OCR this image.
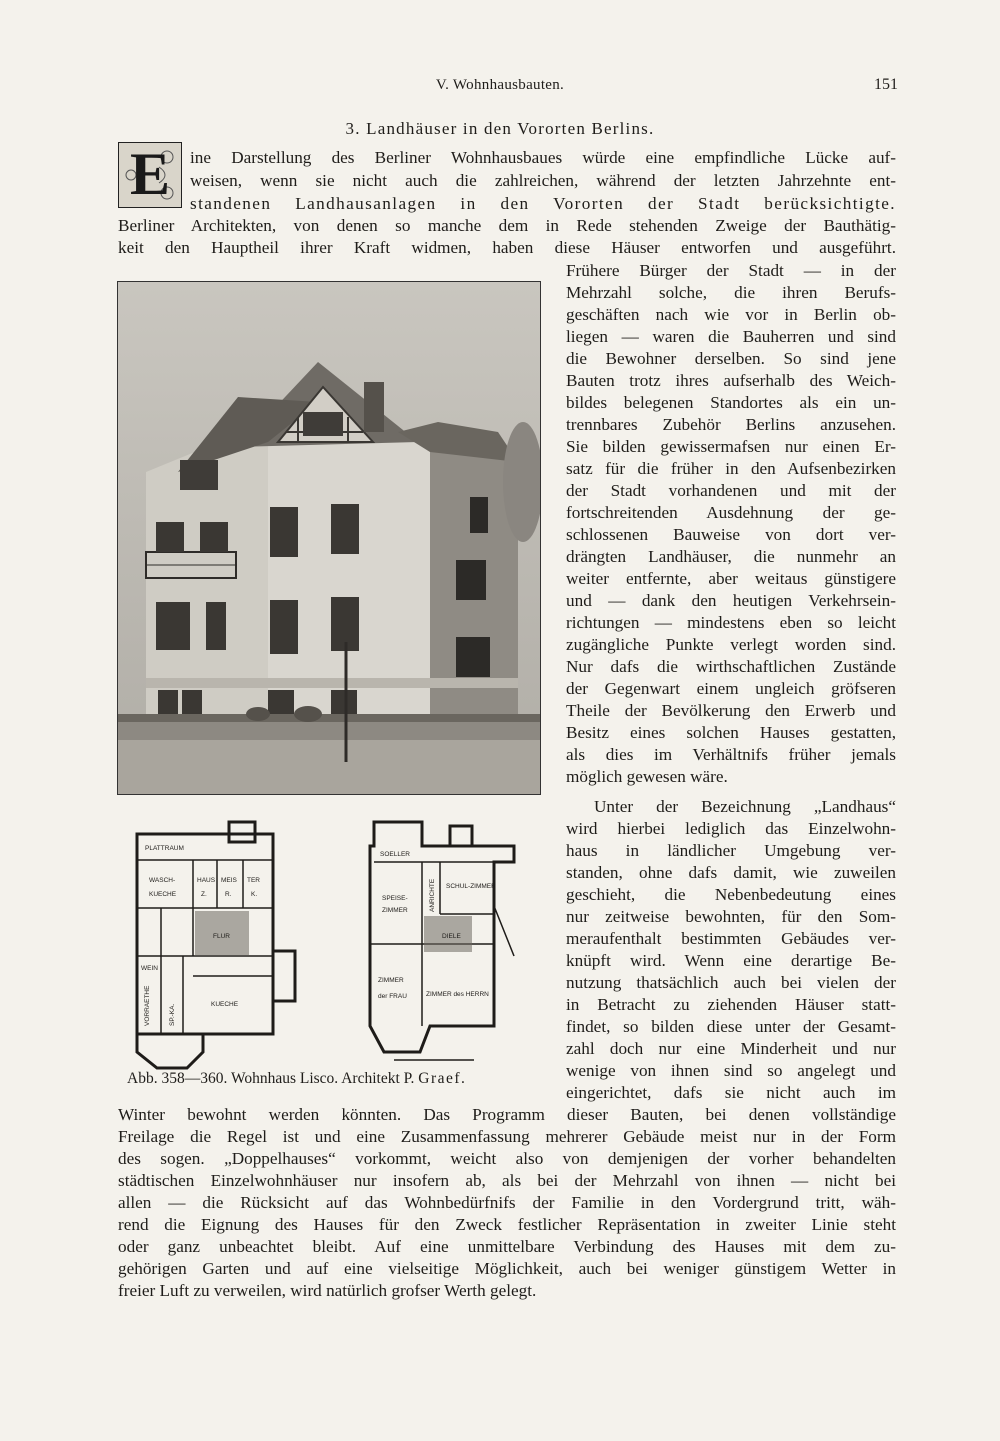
V. Wohnhausbauten.	151
3. Landhäuser in den Vororten Berlins.
E	ine Darstellung des Berliner Wohnhausbaues würde eine empfindliche Lücke auf-
weisen, wenn sie nicht auch die zahlreichen, während der letzten Jahrzehnte ent-
standenen Landhausanlagen in den Vororten der Stadt berücksichtigte.
Berliner Architekten, von denen so manche dem in Rede stehenden Zweige der Bauthätig-
keit den Hauptheil ihrer Kraft widmen, haben diese Häuser entworfen und ausgeführt.
Frühere Bürger der Stadt — in der
Mehrzahl solche, die ihren Berufs-
geschäften nach wie vor in Berlin ob-
liegen — waren die Bauherren und sind
die Bewohner derselben. So sind jene
Bauten trotz ihres aufserhalb des Weich-
bildes belegenen Standortes als ein un-
trennbares Zubehör Berlins anzusehen.
Sie bilden gewissermafsen nur einen Er-
satz für die früher in den Aufsenbezirken
der Stadt vorhandenen und mit der
fortschreitenden Ausdehnung der ge-
schlossenen Bauweise von dort ver-
drängten Landhäuser, die nunmehr an
weiter entfernte, aber weitaus günstigere
und — dank den heutigen Verkehrsein-
richtungen — mindestens eben so leicht
zugängliche Punkte verlegt worden sind.
Nur dafs die wirthschaftlichen Zustände
der Gegenwart einem ungleich gröfseren
Theile der Bevölkerung den Erwerb und
Besitz eines solchen Hauses gestatten,
als dies im Verhältnifs früher jemals
möglich gewesen wäre.
Unter der Bezeichnung „Landhaus“
wird hierbei lediglich das Einzelwohn-
haus in ländlicher Umgebung ver-
standen, ohne dafs damit, wie zuweilen
geschieht, die Nebenbedeutung eines
nur zeitweise bewohnten, für den Som-
meraufenthalt bestimmten Gebäudes ver-
knüpft wird. Wenn eine derartige Be-
nutzung thatsächlich auch bei vielen der
in Betracht zu ziehenden Häuser statt-
findet, so bilden diese unter der Gesamt-
zahl doch nur eine Minderheit und nur
wenige von ihnen sind so angelegt und
eingerichtet, dafs sie nicht auch im
Winter bewohnt werden könnten. Das Programm dieser Bauten, bei denen vollständige
Freilage die Regel ist und eine Zusammenfassung mehrerer Gebäude meist nur in der Form
des sogen. „Doppelhauses“ vorkommt, weicht also von demjenigen der vorher behandelten
städtischen Einzelwohnhäuser nur insofern ab, als bei der Mehrzahl von ihnen — nicht bei
allen — die Rücksicht auf das Wohnbedürfnifs der Familie in den Vordergrund tritt, wäh-
rend die Eignung des Hauses für den Zweck festlicher Repräsentation in zweiter Linie steht
oder ganz unbeachtet bleibt. Auf eine unmittelbare Verbindung des Hauses mit dem zu-
gehörigen Garten und auf eine vielseitige Möglichkeit, auch bei weniger günstigem Wetter in
freier Luft zu verweilen, wird natürlich grofser Werth gelegt.
PLATTRAUM
WASCH-
KUECHE
HAUS MEIS TER
Z.	R.	K.
FLUR
WEIN
VORRAETHE	SP.-KA.	KUECHE
SOELLER
SPEISE-
ZIMMER	ANRICHTE SCHUL-ZIMMER
DIELE
ZIMMER
der FRAU	ZIMMER des HERRN
Abb. 358—360. Wohnhaus Lisco. Architekt P. Graef.
